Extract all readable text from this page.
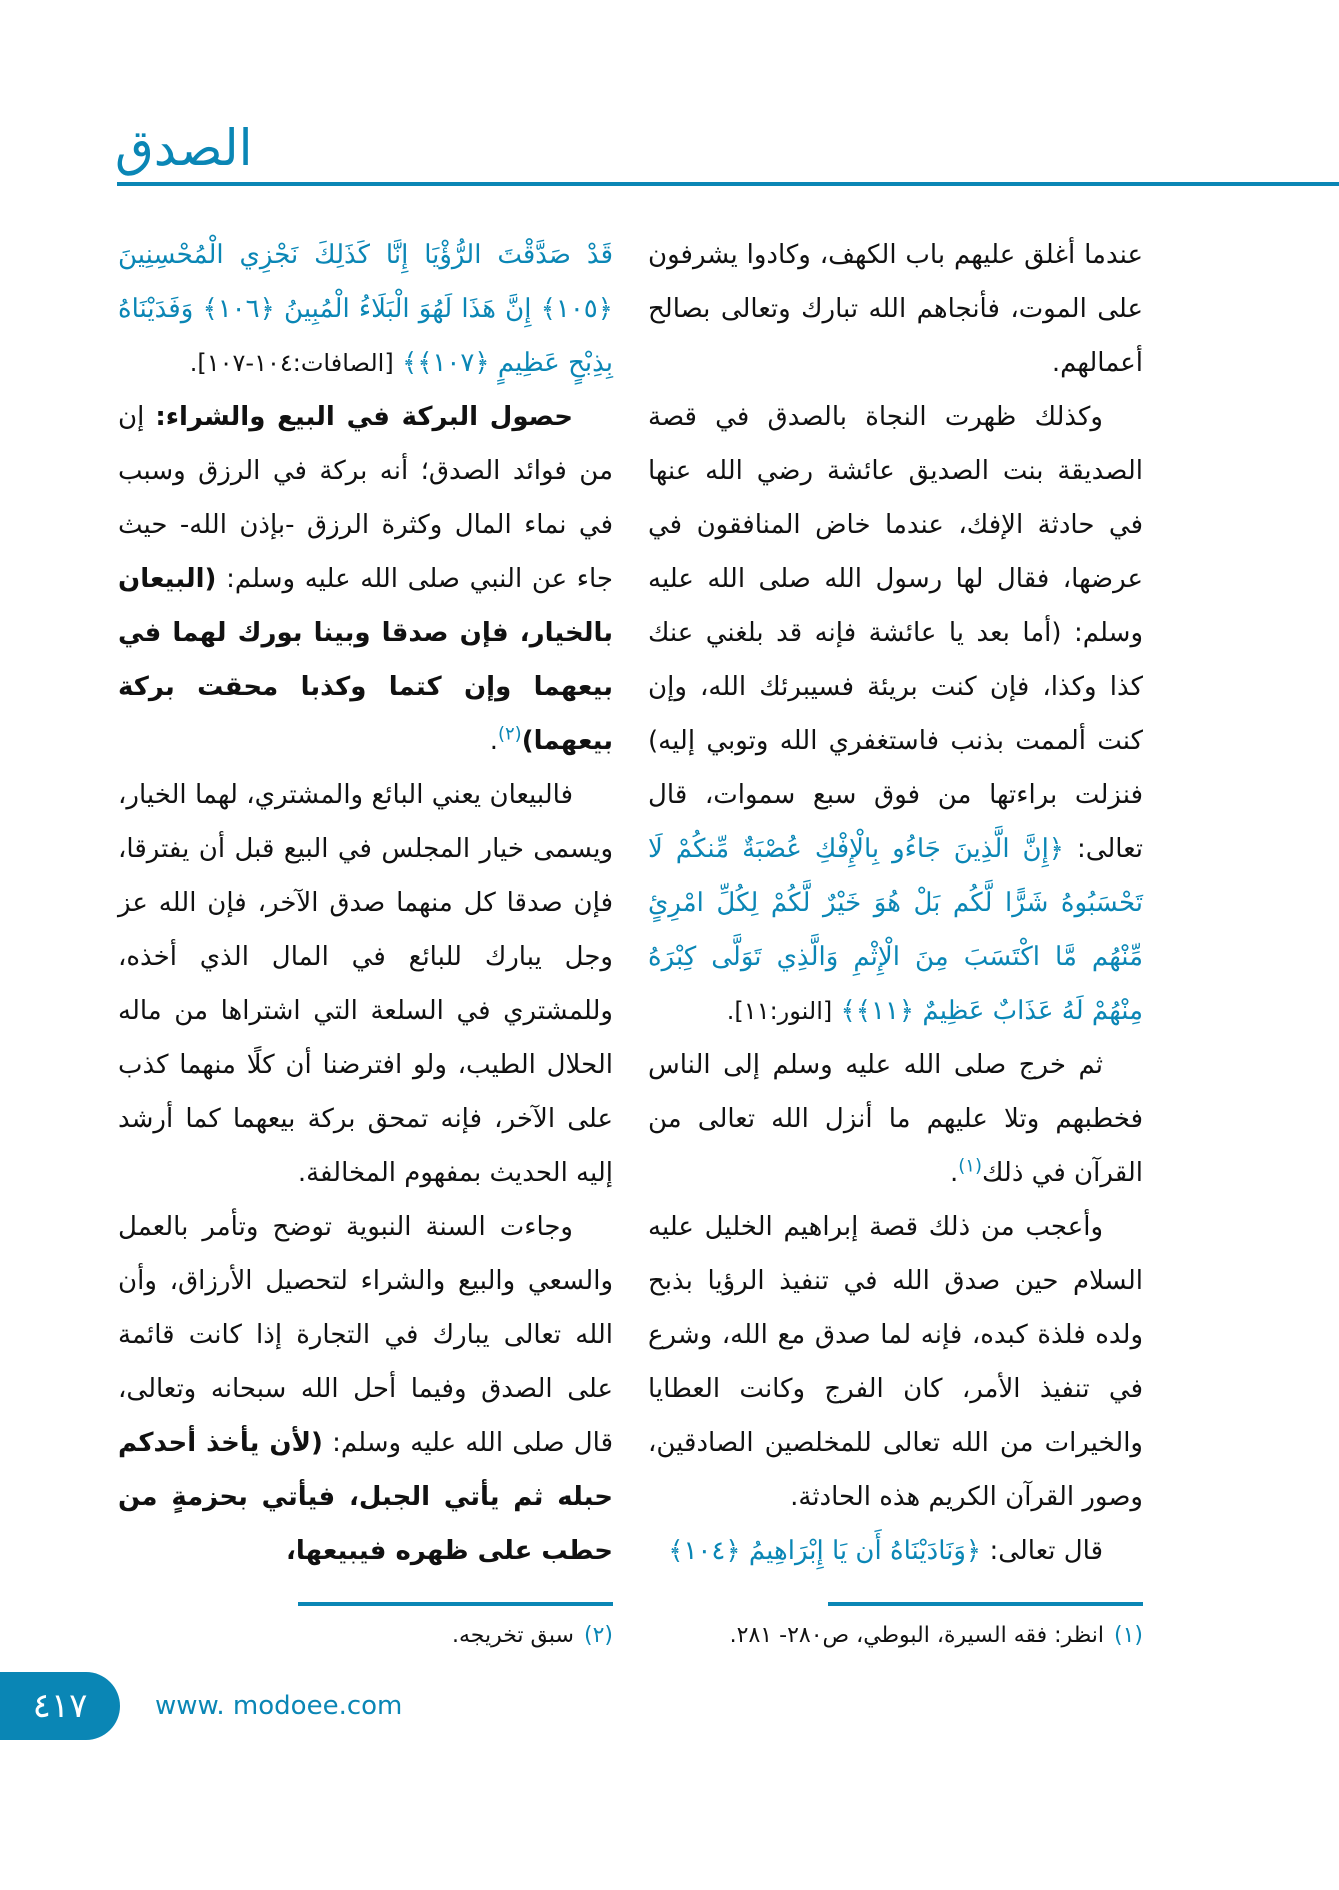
الصدق

عندما أغلق عليهم باب الكهف، وكادوا يشرفون على الموت، فأنجاهم الله تبارك وتعالى بصالح أعمالهم.

وكذلك ظهرت النجاة بالصدق في قصة الصديقة بنت الصديق عائشة رضي الله عنها في حادثة الإفك، عندما خاض المنافقون في عرضها، فقال لها رسول الله صلى الله عليه وسلم: (أما بعد يا عائشة فإنه قد بلغني عنك كذا وكذا، فإن كنت بريئة فسيبرئك الله، وإن كنت ألممت بذنب فاستغفري الله وتوبي إليه) فنزلت براءتها من فوق سبع سموات، قال تعالى: ﴿إِنَّ الَّذِينَ جَاءُو بِالْإِفْكِ عُصْبَةٌ مِّنكُمْ لَا تَحْسَبُوهُ شَرًّا لَّكُم بَلْ هُوَ خَيْرٌ لَّكُمْ لِكُلِّ امْرِئٍ مِّنْهُم مَّا اكْتَسَبَ مِنَ الْإِثْمِ وَالَّذِي تَوَلَّى كِبْرَهُ مِنْهُمْ لَهُ عَذَابٌ عَظِيمٌ ﴿١١﴾﴾ [النور:١١].

ثم خرج صلى الله عليه وسلم إلى الناس فخطبهم وتلا عليهم ما أنزل الله تعالى من القرآن في ذلك$^{(١)}$.

وأعجب من ذلك قصة إبراهيم الخليل عليه السلام حين صدق الله في تنفيذ الرؤيا بذبح ولده فلذة كبده، فإنه لما صدق مع الله، وشرع في تنفيذ الأمر، كان الفرج وكانت العطايا والخيرات من الله تعالى للمخلصين الصادقين، وصور القرآن الكريم هذه الحادثة.

قال تعالى: ﴿وَنَادَيْنَاهُ أَن يَا إِبْرَاهِيمُ ﴿١٠٤﴾

قَدْ صَدَّقْتَ الرُّؤْيَا إِنَّا كَذَلِكَ نَجْزِي الْمُحْسِنِينَ ﴿١٠٥﴾ إِنَّ هَذَا لَهُوَ الْبَلَاءُ الْمُبِينُ ﴿١٠٦﴾ وَفَدَيْنَاهُ بِذِبْحٍ عَظِيمٍ ﴿١٠٧﴾﴾ [الصافات:١٠٤-١٠٧].

حصول البركة في البيع والشراء: إن من فوائد الصدق؛ أنه بركة في الرزق وسبب في نماء المال وكثرة الرزق -بإذن الله- حيث جاء عن النبي صلى الله عليه وسلم: (البيعان بالخيار، فإن صدقا وبينا بورك لهما في بيعهما وإن كتما وكذبا محقت بركة بيعهما)$^{(٢)}$.

فالبيعان يعني البائع والمشتري، لهما الخيار، ويسمى خيار المجلس في البيع قبل أن يفترقا، فإن صدقا كل منهما صدق الآخر، فإن الله عز وجل يبارك للبائع في المال الذي أخذه، وللمشتري في السلعة التي اشتراها من ماله الحلال الطيب، ولو افترضنا أن كلًا منهما كذب على الآخر، فإنه تمحق بركة بيعهما كما أرشد إليه الحديث بمفهوم المخالفة.

وجاءت السنة النبوية توضح وتأمر بالعمل والسعي والبيع والشراء لتحصيل الأرزاق، وأن الله تعالى يبارك في التجارة إذا كانت قائمة على الصدق وفيما أحل الله سبحانه وتعالى، قال صلى الله عليه وسلم: (لأن يأخذ أحدكم حبله ثم يأتي الجبل، فيأتي بحزمةٍ من حطب على ظهره فيبيعها،

(١)انظر: فقه السيرة، البوطي، ص٢٨٠- ٢٨١.
(٢)سبق تخريجه.
٤١٧	www. modoee.com
